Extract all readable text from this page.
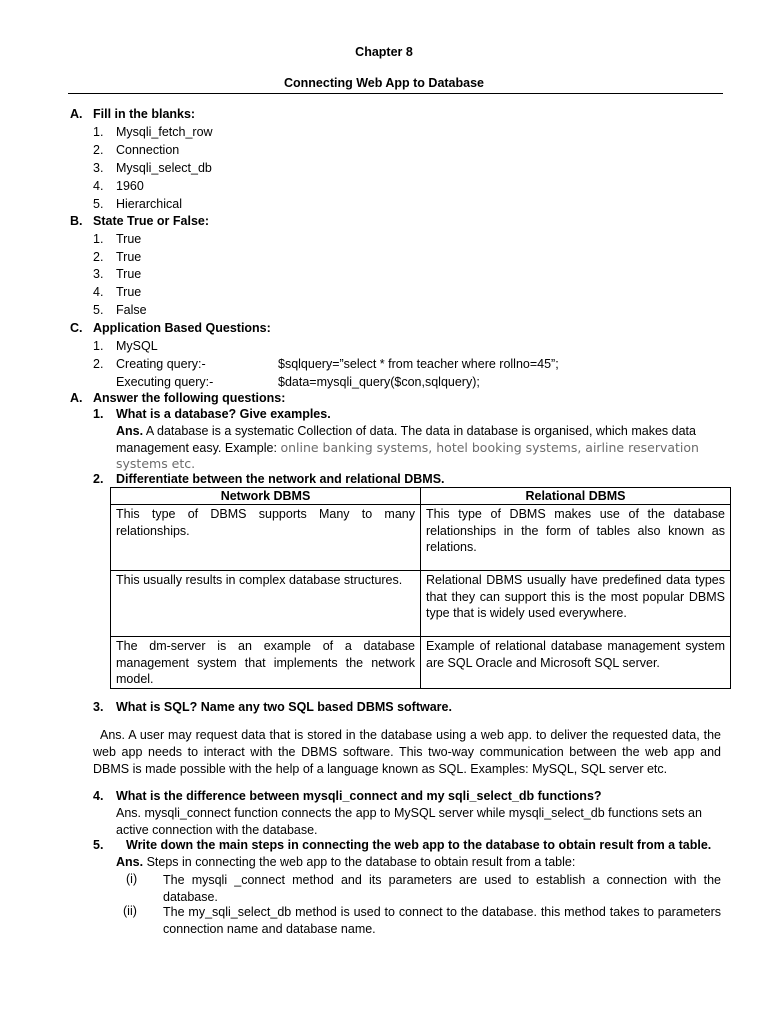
Chapter 8
Connecting Web App to Database
A. Fill in the blanks:
1. Mysqli_fetch_row
2. Connection
3. Mysqli_select_db
4. 1960
5. Hierarchical
B. State True or False:
1. True
2. True
3. True
4. True
5. False
C. Application Based Questions:
1. MySQL
2. Creating query:-	$sqlquery=”select * from teacher where rollno=45”;
Executing query:-	$data=mysqli_query($con,sqlquery);
A. Answer the following questions:
1. What is a database? Give examples.
Ans. A database is a systematic Collection of data. The data in database is organised, which makes data management easy. Example: online banking systems, hotel booking systems, airline reservation systems etc.
2. Differentiate between the network and relational DBMS.
Network DBMS	Relational DBMS
This type of DBMS supports Many to many relationships.	This type of DBMS makes use of the database relationships in the form of tables also known as relations.
This usually results in complex database structures.	Relational DBMS usually have predefined data types that they can support this is the most popular DBMS type that is widely used everywhere.
The dm-server is an example of a database management system that implements the network model.	Example of relational database management system are SQL Oracle and Microsoft SQL server.
3. What is SQL? Name any two SQL based DBMS software.
Ans. A user may request data that is stored in the database using a web app. to deliver the requested data, the web app needs to interact with the DBMS software. This two-way communication between the web app and DBMS is made possible with the help of a language known as SQL. Examples: MySQL, SQL server etc.
4. What is the difference between mysqli_connect and my sqli_select_db functions?
Ans. mysqli_connect function connects the app to MySQL server while mysqli_select_db functions sets an active connection with the database.
5. Write down the main steps in connecting the web app to the database to obtain result from a table.
Ans. Steps in connecting the web app to the database to obtain result from a table:
(i) The mysqli _connect method and its parameters are used to establish a connection with the database.
(ii) The my_sqli_select_db method is used to connect to the database. this method takes to parameters connection name and database name.
